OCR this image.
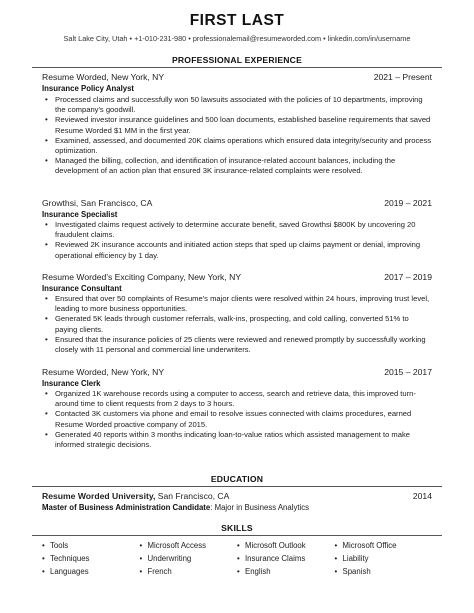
FIRST LAST
Salt Lake City, Utah • +1-010-231-980 • professionalemail@resumeworded.com • linkedin.com/in/username
PROFESSIONAL EXPERIENCE
Resume Worded, New York, NY	2021 – Present
Insurance Policy Analyst
• Processed claims and successfully won 50 lawsuits associated with the policies of 10 departments, improving the company's goodwill.
• Reviewed investor insurance guidelines and 500 loan documents, established baseline requirements that saved Resume Worded $1 MM in the first year.
• Examined, assessed, and documented 20K claims operations which ensured data integrity/security and process optimization.
• Managed the billing, collection, and identification of insurance-related account balances, including the development of an action plan that ensured 3K insurance-related complaints were resolved.
Growthsi, San Francisco, CA	2019 – 2021
Insurance Specialist
• Investigated claims request actively to determine accurate benefit, saved Growthsi $800K by uncovering 20 fraudulent claims.
• Reviewed 2K insurance accounts and initiated action steps that sped up claims payment or denial, improving operational efficiency by 1 day.
Resume Worded's Exciting Company, New York, NY	2017 – 2019
Insurance Consultant
• Ensured that over 50 complaints of Resume's major clients were resolved within 24 hours, improving trust level, leading to more business opportunities.
• Generated 5K leads through customer referrals, walk-ins, prospecting, and cold calling, converted 51% to paying clients.
• Ensured that the insurance policies of 25 clients were reviewed and renewed promptly by successfully working closely with 11 personal and commercial line underwriters.
Resume Worded, New York, NY	2015 – 2017
Insurance Clerk
• Organized 1K warehouse records using a computer to access, search and retrieve data, this improved turn-around time to client requests from 2 days to 3 hours.
• Contacted 3K customers via phone and email to resolve issues connected with claims procedures, earned Resume Worded proactive company of 2015.
• Generated 40 reports within 3 months indicating loan-to-value ratios which assisted management to make informed strategic decisions.
EDUCATION
Resume Worded University, San Francisco, CA	2014
Master of Business Administration Candidate: Major in Business Analytics
SKILLS
• Tools	• Microsoft Access	• Microsoft Outlook	• Microsoft Office
• Techniques	• Underwriting	• Insurance Claims	• Liability
• Languages	• French	• English	• Spanish
